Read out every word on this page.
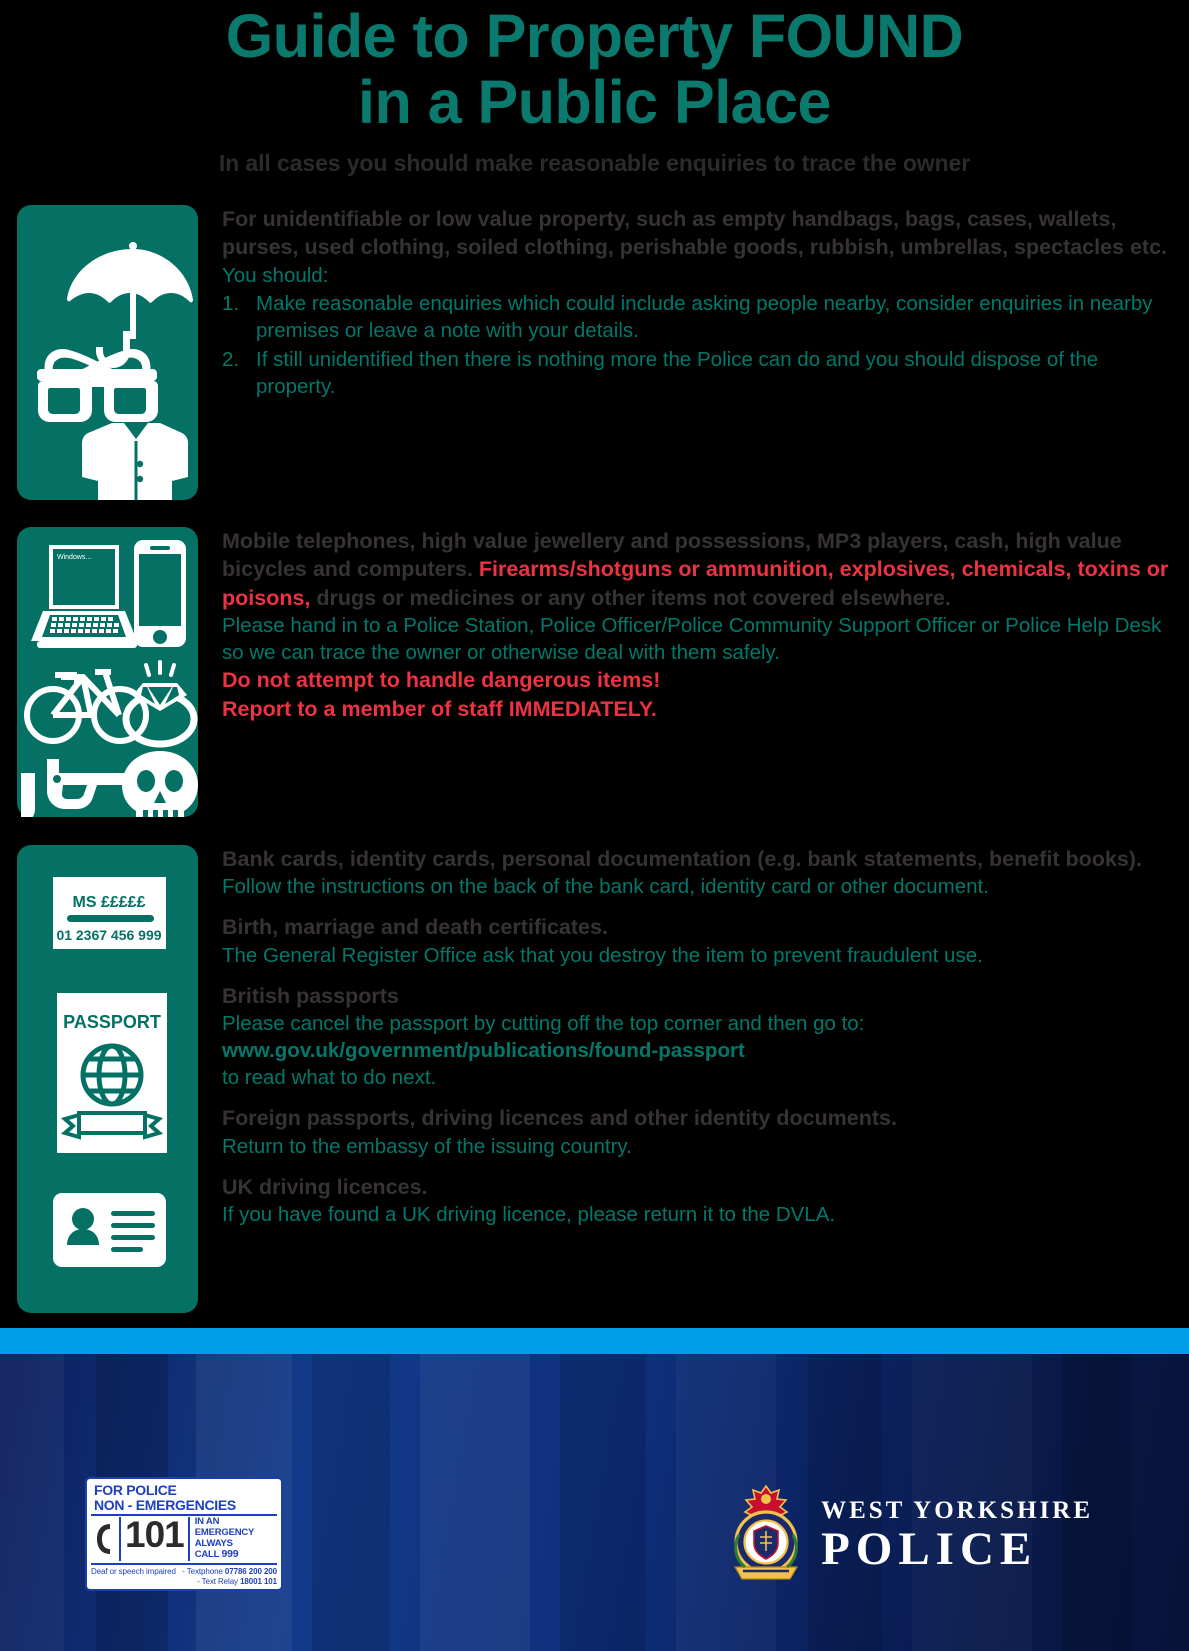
Guide to Property FOUND
in a Public Place
In all cases you should make reasonable enquiries to trace the owner
For unidentifiable or low value property, such as empty handbags, bags, cases, wallets, purses, used clothing, soiled clothing, perishable goods, rubbish, umbrellas, spectacles etc.
You should:
Make reasonable enquiries which could include asking people nearby, consider enquiries in nearby premises or leave a note with your details.
If still unidentified then there is nothing more the Police can do and you should dispose of the property.
Windows...
Mobile telephones, high value jewellery and possessions, MP3 players, cash, high value bicycles and computers. Firearms/shotguns or ammunition, explosives, chemicals, toxins or poisons, drugs or medicines or any other items not covered elsewhere.
Please hand in to a Police Station, Police Officer/Police Community Support Officer or Police Help Desk so we can trace the owner or otherwise deal with them safely.
Do not attempt to handle dangerous items!
Report to a member of staff IMMEDIATELY.
MS £££££
01 2367 456 999
PASSPORT
Bank cards, identity cards, personal documentation (e.g. bank statements, benefit books).
Follow the instructions on the back of the bank card, identity card or other document.
Birth, marriage and death certificates.
The General Register Office ask that you destroy the item to prevent fraudulent use.
British passports
Please cancel the passport by cutting off the top corner and then go to:
www.gov.uk/government/publications/found-passport
to read what to do next.
Foreign passports, driving licences and other identity documents.
Return to the embassy of the issuing country.
UK driving licences.
If you have found a UK driving licence, please return it to the DVLA.
FOR POLICE
NON - EMERGENCIES
101 IN AN
EMERGENCY
ALWAYS
CALL 999
Deaf or speech impaired - Textphone 07786 200 200
- Text Relay 18001 101
WEST YORKSHIRE
POLICE
